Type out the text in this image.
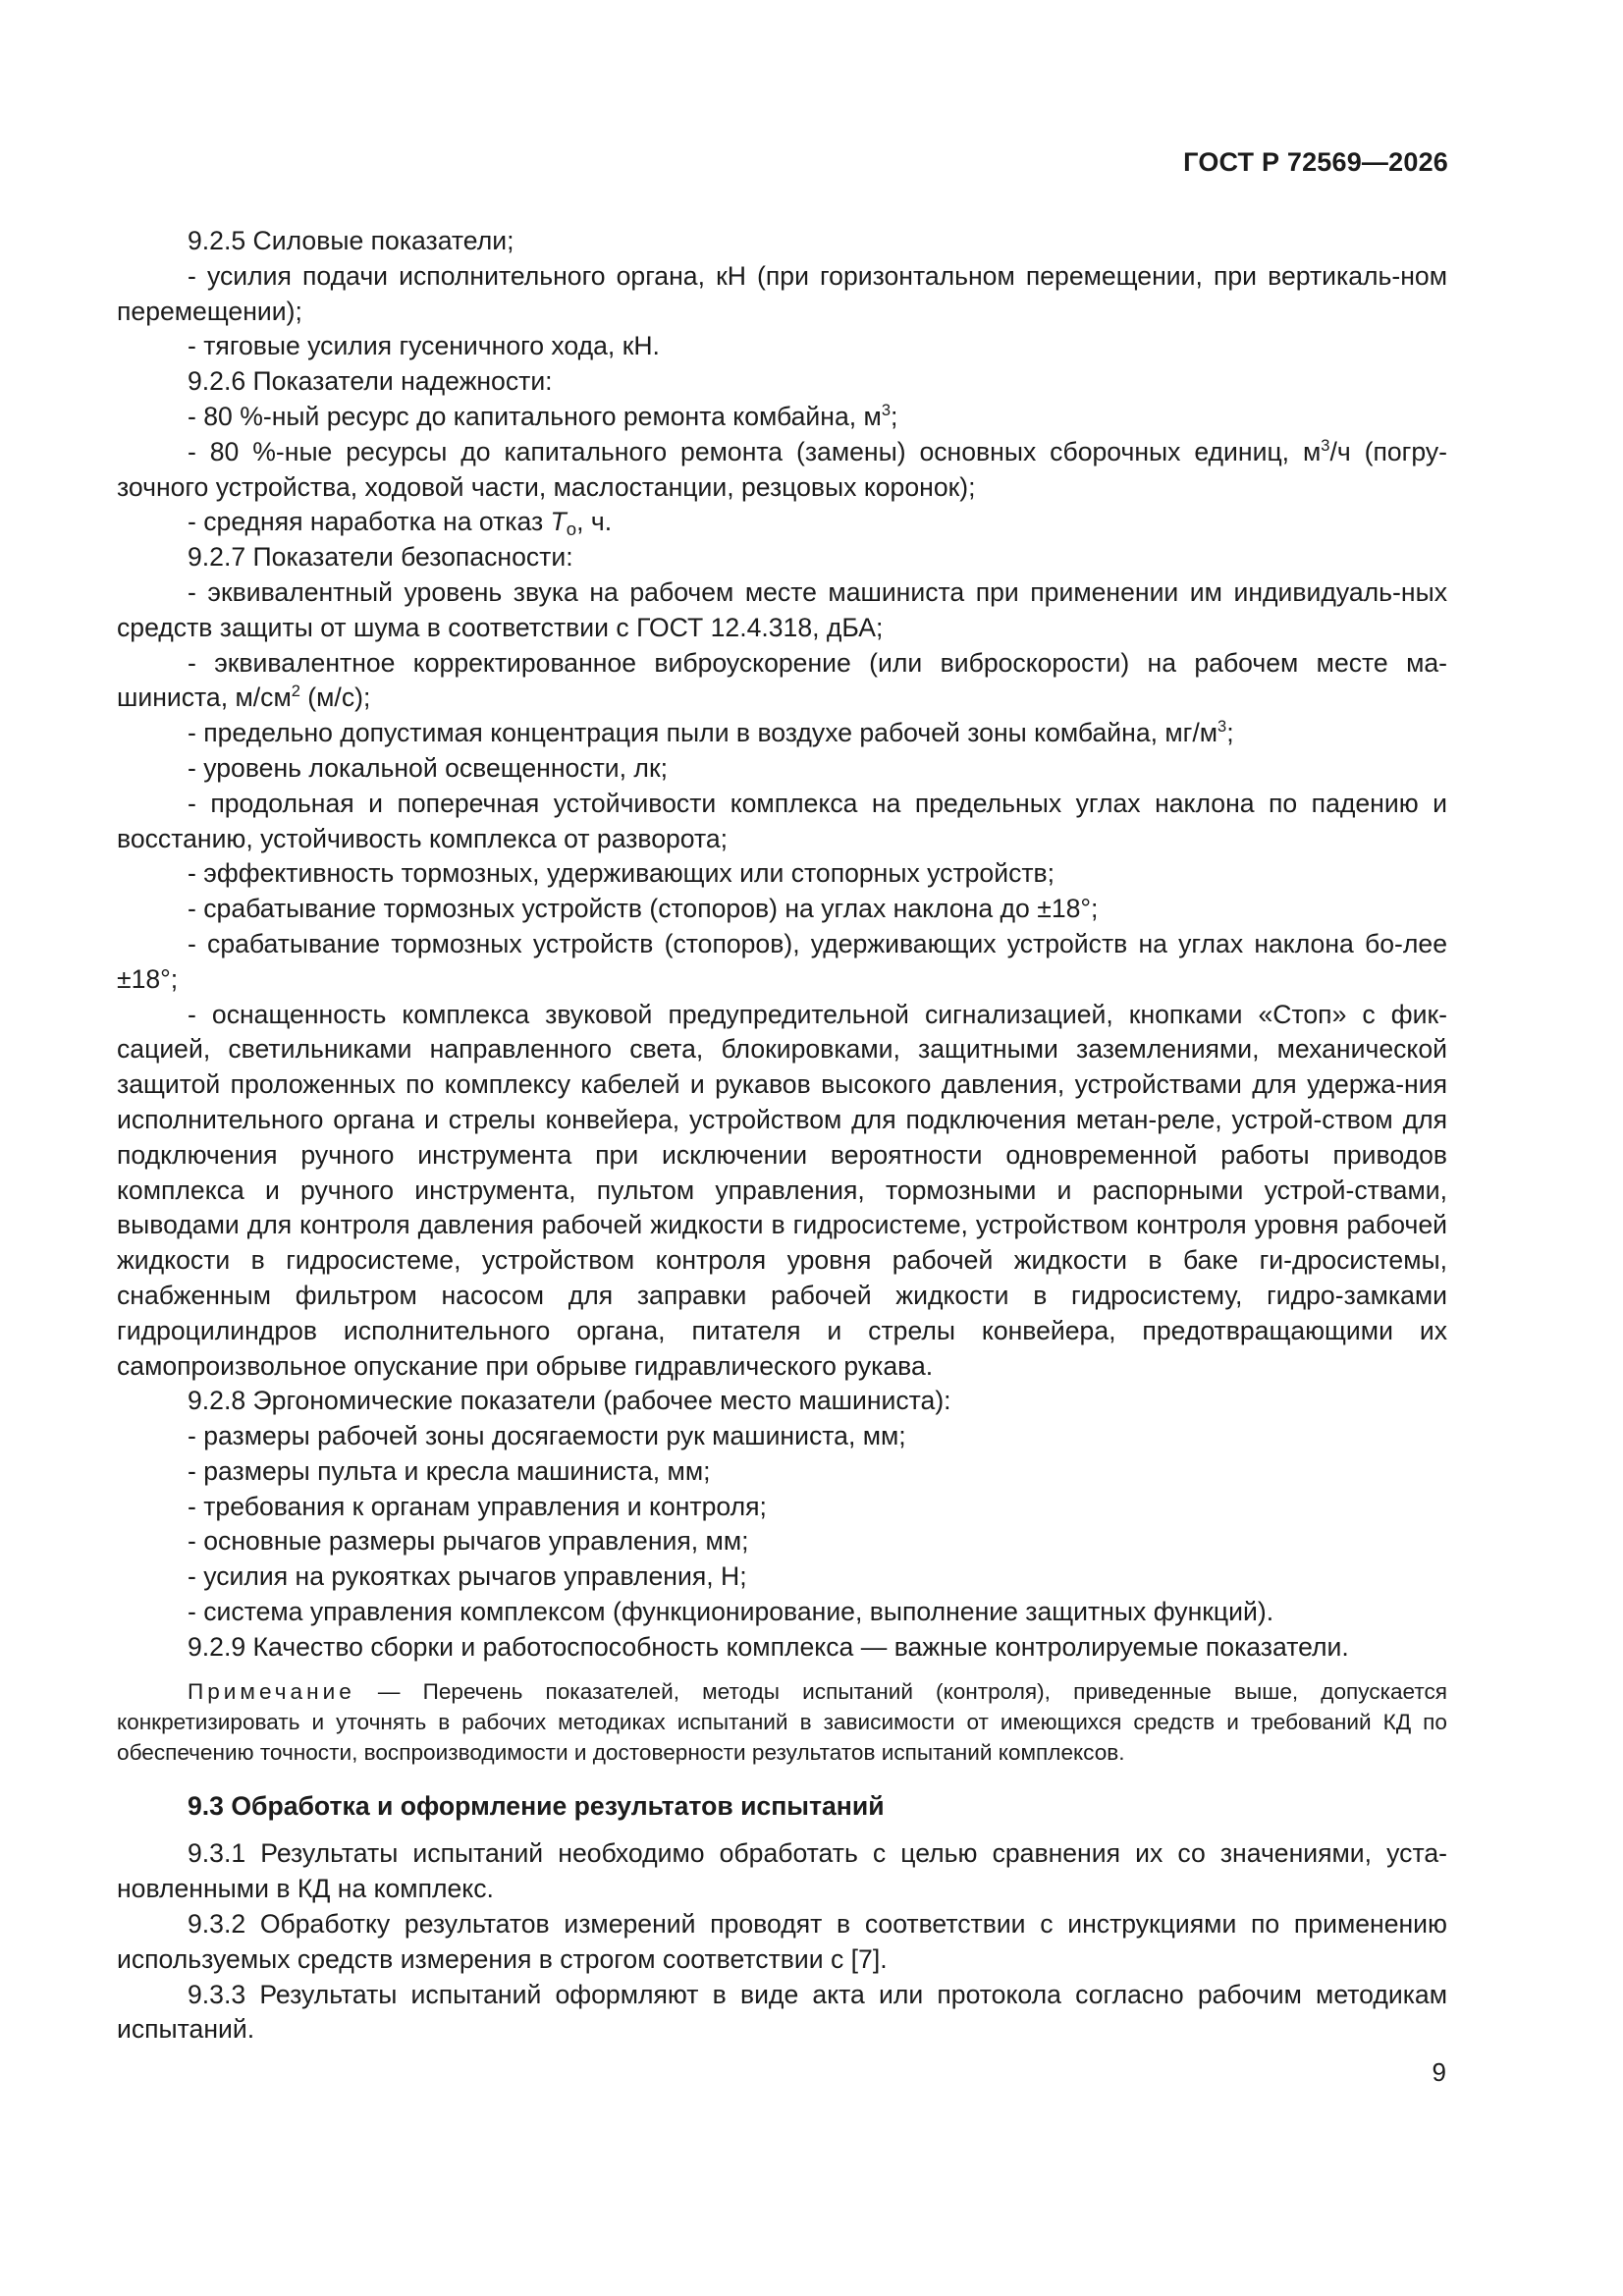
ГОСТ Р 72569—2026

9.2.5 Силовые показатели;

- усилия подачи исполнительного органа, кН (при горизонтальном перемещении, при вертикаль-ном перемещении);

- тяговые усилия гусеничного хода, кН.

9.2.6 Показатели надежности:

- 80 %-ный ресурс до капитального ремонта комбайна, $м^3$;

- 80 %-ные ресурсы до капитального ремонта (замены) основных сборочных единиц, $м^3/ч$ (погру-зочного устройства, ходовой части, маслостанции, резцовых коронок);

- средняя наработка на отказ $T_о$, ч.

9.2.7 Показатели безопасности:

- эквивалентный уровень звука на рабочем месте машиниста при применении им индивидуаль-ных средств защиты от шума в соответствии с ГОСТ 12.4.318, дБА;

- эквивалентное корректированное виброускорение (или виброскорости) на рабочем месте ма-шиниста, $м/см^2$ (м/с);

- предельно допустимая концентрация пыли в воздухе рабочей зоны комбайна, $мг/м^3$;

- уровень локальной освещенности, лк;

- продольная и поперечная устойчивости комплекса на предельных углах наклона по падению и восстанию, устойчивость комплекса от разворота;

- эффективность тормозных, удерживающих или стопорных устройств;

- срабатывание тормозных устройств (стопоров) на углах наклона до ±18°;

- срабатывание тормозных устройств (стопоров), удерживающих устройств на углах наклона бо-лее ±18°;

- оснащенность комплекса звуковой предупредительной сигнализацией, кнопками «Стоп» с фик-сацией, светильниками направленного света, блокировками, защитными заземлениями, механической защитой проложенных по комплексу кабелей и рукавов высокого давления, устройствами для удержа-ния исполнительного органа и стрелы конвейера, устройством для подключения метан-реле, устрой-ством для подключения ручного инструмента при исключении вероятности одновременной работы приводов комплекса и ручного инструмента, пультом управления, тормозными и распорными устрой-ствами, выводами для контроля давления рабочей жидкости в гидросистеме, устройством контроля уровня рабочей жидкости в гидросистеме, устройством контроля уровня рабочей жидкости в баке ги-дросистемы, снабженным фильтром насосом для заправки рабочей жидкости в гидросистему, гидро-замками гидроцилиндров исполнительного органа, питателя и стрелы конвейера, предотвращающими их самопроизвольное опускание при обрыве гидравлического рукава.

9.2.8 Эргономические показатели (рабочее место машиниста):

- размеры рабочей зоны досягаемости рук машиниста, мм;

- размеры пульта и кресла машиниста, мм;

- требования к органам управления и контроля;

- основные размеры рычагов управления, мм;

- усилия на рукоятках рычагов управления, Н;

- система управления комплексом (функционирование, выполнение защитных функций).

9.2.9 Качество сборки и работоспособность комплекса — важные контролируемые показатели.

Примечание — Перечень показателей, методы испытаний (контроля), приведенные выше, допускается конкретизировать и уточнять в рабочих методиках испытаний в зависимости от имеющихся средств и требований КД по обеспечению точности, воспроизводимости и достоверности результатов испытаний комплексов.

9.3 Обработка и оформление результатов испытаний

9.3.1 Результаты испытаний необходимо обработать с целью сравнения их со значениями, уста-новленными в КД на комплекс.

9.3.2 Обработку результатов измерений проводят в соответствии с инструкциями по применению используемых средств измерения в строгом соответствии с [7].

9.3.3 Результаты испытаний оформляют в виде акта или протокола согласно рабочим методикам испытаний.

9
